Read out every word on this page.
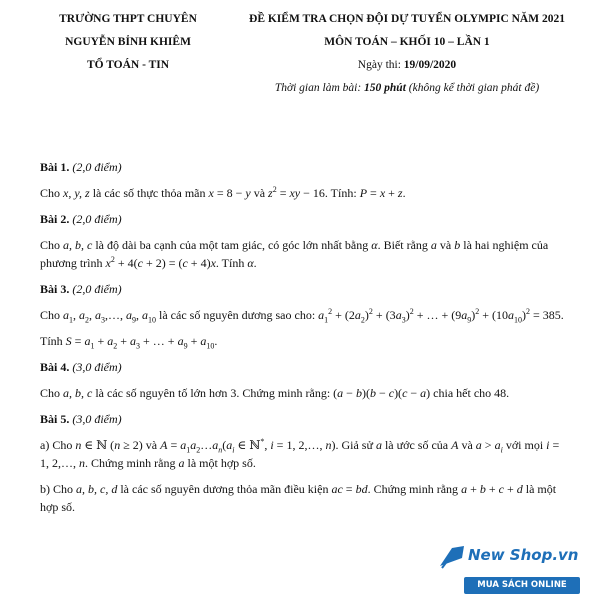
TRƯỜNG THPT CHUYÊN
NGUYỄN BỈNH KHIÊM
TỔ TOÁN - TIN
ĐỀ KIỂM TRA CHỌN ĐỘI DỰ TUYỂN OLYMPIC NĂM 2021
MÔN TOÁN – KHỐI 10 – LẦN 1
Ngày thi: 19/09/2020
Thời gian làm bài: 150 phút (không kể thời gian phát đề)
Bài 1. (2,0 điểm)
Cho x, y, z là các số thực thỏa mãn x = 8 − y và $z^2$ = xy − 16. Tính: P = x + z.
Bài 2. (2,0 điểm)
Cho a, b, c là độ dài ba cạnh của một tam giác, có góc lớn nhất bằng α. Biết rằng a và b là hai nghiệm của phương trình $x^2 + 4(c + 2) = (c + 4)x$. Tính α.
Bài 3. (2,0 điểm)
Cho $a_1$, $a_2$, $a_3,\dots$, $a_9$, $a_{10}$ là các số nguyên dương sao cho: $a_1^2 + (2a_2)^2 + (3a_3)^2$ + … + $(9a_9)^2 + (10a_{10})^2 = 385$.
Tính $S = a_1 + a_2 + a_3$ + … + $a_9 + a_{10}$.
Bài 4. (3,0 điểm)
Cho a, b, c là các số nguyên tố lớn hơn 3. Chứng minh rằng: (a − b)(b − c)(c − a) chia hết cho 48.
Bài 5. (3,0 điểm)
a) Cho n ∈ ℕ (n ≥ 2) và $A = a_1a_2\dots a_n(a_i$ ∈ ℕ*, i = 1, 2,…, n). Giả sử a là ước số của A và $a > a_i$ với mọi i = 1, 2,…, n. Chứng minh rằng a là một hợp số.
b) Cho a, b, c, d là các số nguyên dương thỏa mãn điều kiện ac = bd. Chứng minh rằng a + b + c + d là một hợp số.
New Shop.vn
MUA SÁCH ONLINE
